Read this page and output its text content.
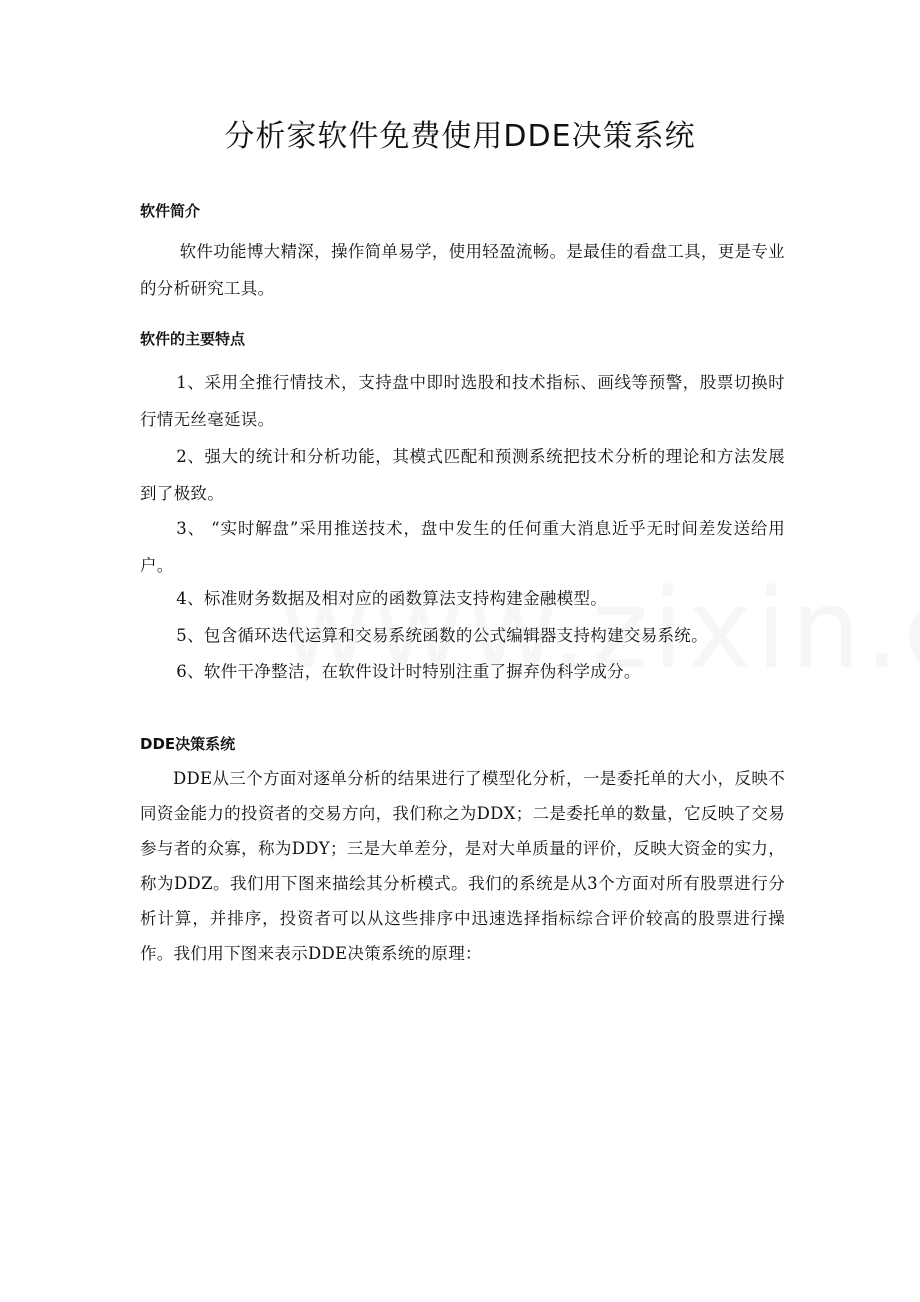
分析家软件免费使用DDE决策系统
软件简介

软件功能博大精深，操作简单易学，使用轻盈流畅。是最佳的看盘工具，更是专业的分析研究工具。

软件的主要特点

1、采用全推行情技术，支持盘中即时选股和技术指标、画线等预警，股票切换时行情无丝毫延误。

2、强大的统计和分析功能，其模式匹配和预测系统把技术分析的理论和方法发展到了极致。

3、 “实时解盘”采用推送技术，盘中发生的任何重大消息近乎无时间差发送给用户。

4、标准财务数据及相对应的函数算法支持构建金融模型。

5、包含循环迭代运算和交易系统函数的公式编辑器支持构建交易系统。

6、软件干净整洁，在软件设计时特别注重了摒弃伪科学成分。

DDE决策系统

DDE从三个方面对逐单分析的结果进行了模型化分析，一是委托单的大小，反映不同资金能力的投资者的交易方向，我们称之为DDX；二是委托单的数量，它反映了交易参与者的众寡，称为DDY；三是大单差分，是对大单质量的评价，反映大资金的实力，称为DDZ。我们用下图来描绘其分析模式。我们的系统是从3个方面对所有股票进行分析计算，并排序，投资者可以从这些排序中迅速选择指标综合评价较高的股票进行操作。我们用下图来表示DDE决策系统的原理：
